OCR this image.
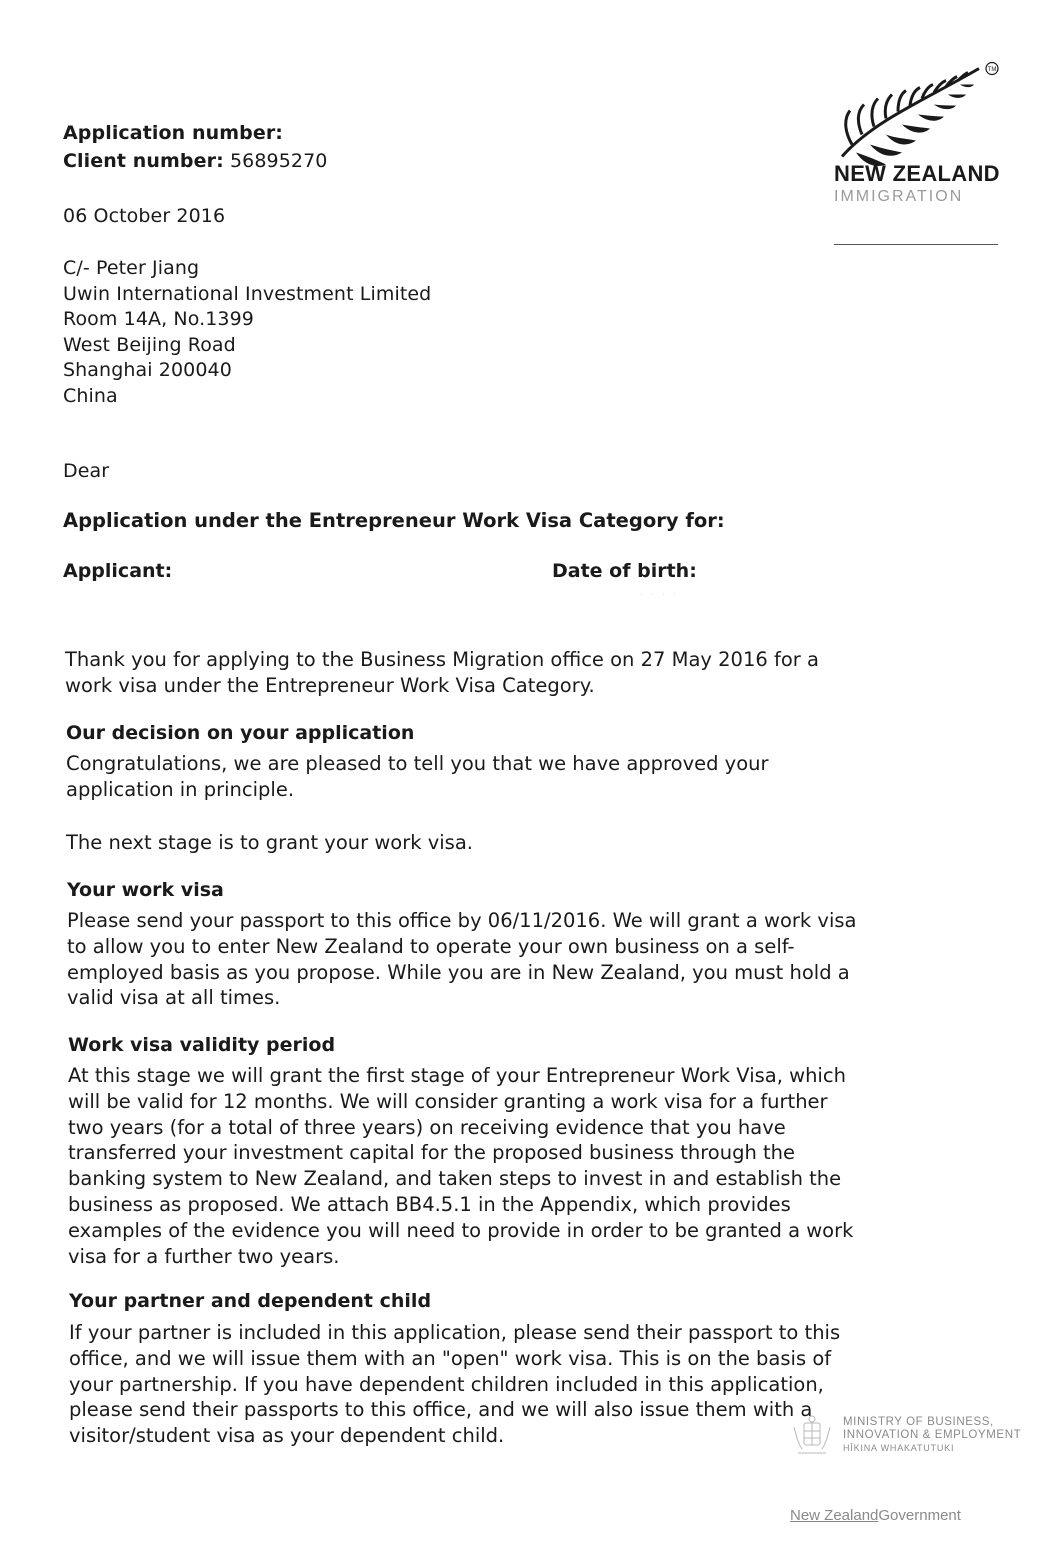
Application number:
Client number: 56895270
06 October 2016
C/- Peter Jiang
Uwin International Investment Limited
Room 14A, No.1399
West Beijing Road
Shanghai 200040
China
Dear
Application under the Entrepreneur Work Visa Category for:
Applicant:	Date of birth:
· · · ·
Thank you for applying to the Business Migration office on 27 May 2016 for a
work visa under the Entrepreneur Work Visa Category.
Our decision on your application
Congratulations, we are pleased to tell you that we have approved your
application in principle.
The next stage is to grant your work visa.
Your work visa
Please send your passport to this office by 06/11/2016. We will grant a work visa
to allow you to enter New Zealand to operate your own business on a self-
employed basis as you propose. While you are in New Zealand, you must hold a
valid visa at all times.
Work visa validity period
At this stage we will grant the first stage of your Entrepreneur Work Visa, which
will be valid for 12 months. We will consider granting a work visa for a further
two years (for a total of three years) on receiving evidence that you have
transferred your investment capital for the proposed business through the
banking system to New Zealand, and taken steps to invest in and establish the
business as proposed. We attach BB4.5.1 in the Appendix, which provides
examples of the evidence you will need to provide in order to be granted a work
visa for a further two years.
Your partner and dependent child
If your partner is included in this application, please send their passport to this
office, and we will issue them with an "open" work visa. This is on the basis of
your partnership. If you have dependent children included in this application,
please send their passports to this office, and we will also issue them with a
visitor/student visa as your dependent child.
TM
NEW ZEALAND
IMMIGRATION
MINISTRY OF BUSINESS,
INNOVATION & EMPLOYMENT
HĪKINA WHAKATUTUKI
New ZealandGovernment
